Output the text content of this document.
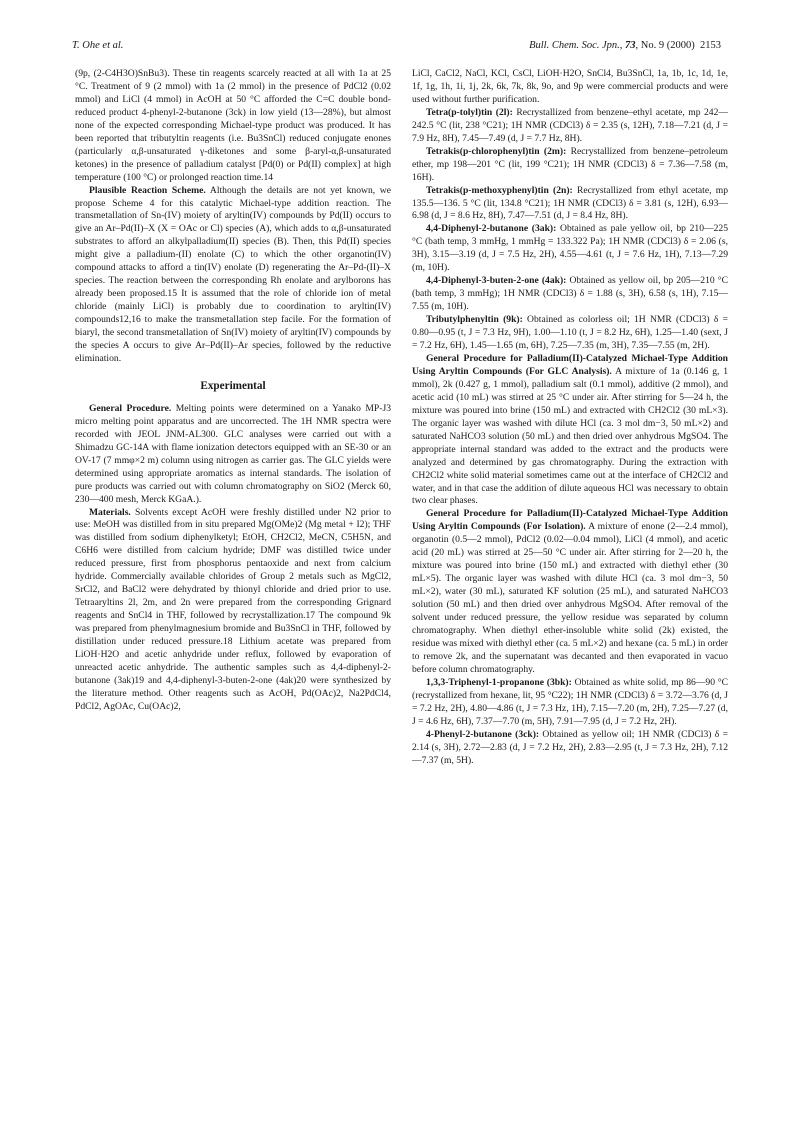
T. Ohe et al.	Bull. Chem. Soc. Jpn., 73, No. 9 (2000) 2153

(9p, (2-C4H3O)SnBu3). These tin reagents scarcely reacted at all with 1a at 25 °C. Treatment of 9 (2 mmol) with 1a (2 mmol) in the presence of PdCl2 (0.02 mmol) and LiCl (4 mmol) in AcOH at 50 °C afforded the C=C double bond-reduced product 4-phenyl-2-butanone (3ck) in low yield (13—28%), but almost none of the expected corresponding Michael-type product was produced. It has been reported that tributyltin reagents (i.e. Bu3SnCl) reduced conjugate enones (particularly α,β-unsaturated γ-diketones and some β-aryl-α,β-unsaturated ketones) in the presence of palladium catalyst [Pd(0) or Pd(II) complex] at high temperature (100 °C) or prolonged reaction time.14

Plausible Reaction Scheme. Although the details are not yet known, we propose Scheme 4 for this catalytic Michael-type addition reaction. The transmetallation of Sn-(IV) moiety of aryltin(IV) compounds by Pd(II) occurs to give an Ar–Pd(II)–X (X = OAc or Cl) species (A), which adds to α,β-unsaturated substrates to afford an alkylpalladium(II) species (B). Then, this Pd(II) species might give a palladium-(II) enolate (C) to which the other organotin(IV) compound attacks to afford a tin(IV) enolate (D) regenerating the Ar–Pd-(II)–X species. The reaction between the corresponding Rh enolate and arylborons has already been proposed.15 It is assumed that the role of chloride ion of metal chloride (mainly LiCl) is probably due to coordination to aryltin(IV) compounds12,16 to make the transmetallation step facile. For the formation of biaryl, the second transmetallation of Sn(IV) moiety of aryltin(IV) compounds by the species A occurs to give Ar–Pd(II)–Ar species, followed by the reductive elimination.

Experimental

General Procedure. Melting points were determined on a Yanako MP-J3 micro melting point apparatus and are uncorrected. The 1H NMR spectra were recorded with JEOL JNM-AL300. GLC analyses were carried out with a Shimadzu GC-14A with flame ionization detectors equipped with an SE-30 or an OV-17 (7 mmφ×2 m) column using nitrogen as carrier gas. The GLC yields were determined using appropriate aromatics as internal standards. The isolation of pure products was carried out with column chromatography on SiO2 (Merck 60, 230—400 mesh, Merck KGaA.).

Materials. Solvents except AcOH were freshly distilled under N2 prior to use: MeOH was distilled from in situ prepared Mg(OMe)2 (Mg metal + I2); THF was distilled from sodium diphenylketyl; EtOH, CH2Cl2, MeCN, C5H5N, and C6H6 were distilled from calcium hydride; DMF was distilled twice under reduced pressure, first from phosphorus pentaoxide and next from calcium hydride. Commercially available chlorides of Group 2 metals such as MgCl2, SrCl2, and BaCl2 were dehydrated by thionyl chloride and dried prior to use. Tetraaryltins 2l, 2m, and 2n were prepared from the corresponding Grignard reagents and SnCl4 in THF, followed by recrystallization.17 The compound 9k was prepared from phenylmagnesium bromide and Bu3SnCl in THF, followed by distillation under reduced pressure.18 Lithium acetate was prepared from LiOH·H2O and acetic anhydride under reflux, followed by evaporation of unreacted acetic anhydride. The authentic samples such as 4,4-diphenyl-2-butanone (3ak)19 and 4,4-diphenyl-3-buten-2-one (4ak)20 were synthesized by the literature method. Other reagents such as AcOH, Pd(OAc)2, Na2PdCl4, PdCl2, AgOAc, Cu(OAc)2,

LiCl, CaCl2, NaCl, KCl, CsCl, LiOH·H2O, SnCl4, Bu3SnCl, 1a, 1b, 1c, 1d, 1e, 1f, 1g, 1h, 1i, 1j, 2k, 6k, 7k, 8k, 9o, and 9p were commercial products and were used without further purification.

Tetra(p-tolyl)tin (2l): Recrystallized from benzene–ethyl acetate, mp 242—242.5 °C (lit, 238 °C21); 1H NMR (CDCl3) δ = 2.35 (s, 12H), 7.18—7.21 (d, J = 7.9 Hz, 8H), 7.45—7.49 (d, J = 7.7 Hz, 8H).

Tetrakis(p-chlorophenyl)tin (2m): Recrystallized from benzene–petroleum ether, mp 198—201 °C (lit, 199 °C21); 1H NMR (CDCl3) δ = 7.36—7.58 (m, 16H).

Tetrakis(p-methoxyphenyl)tin (2n): Recrystallized from ethyl acetate, mp 135.5—136. 5 °C (lit, 134.8 °C21); 1H NMR (CDCl3) δ = 3.81 (s, 12H), 6.93—6.98 (d, J = 8.6 Hz, 8H), 7.47—7.51 (d, J = 8.4 Hz, 8H).

4,4-Diphenyl-2-butanone (3ak): Obtained as pale yellow oil, bp 210—225 °C (bath temp, 3 mmHg, 1 mmHg = 133.322 Pa); 1H NMR (CDCl3) δ = 2.06 (s, 3H), 3.15—3.19 (d, J = 7.5 Hz, 2H), 4.55—4.61 (t, J = 7.6 Hz, 1H), 7.13—7.29 (m, 10H).

4,4-Diphenyl-3-buten-2-one (4ak): Obtained as yellow oil, bp 205—210 °C (bath temp, 3 mmHg); 1H NMR (CDCl3) δ = 1.88 (s, 3H), 6.58 (s, 1H), 7.15—7.55 (m, 10H).

Tributylphenyltin (9k): Obtained as colorless oil; 1H NMR (CDCl3) δ = 0.80—0.95 (t, J = 7.3 Hz, 9H), 1.00—1.10 (t, J = 8.2 Hz, 6H), 1.25—1.40 (sext, J = 7.2 Hz, 6H), 1.45—1.65 (m, 6H), 7.25—7.35 (m, 3H), 7.35—7.55 (m, 2H).

General Procedure for Palladium(II)-Catalyzed Michael-Type Addition Using Aryltin Compounds (For GLC Analysis). A mixture of 1a (0.146 g, 1 mmol), 2k (0.427 g, 1 mmol), palladium salt (0.1 mmol), additive (2 mmol), and acetic acid (10 mL) was stirred at 25 °C under air. After stirring for 5—24 h, the mixture was poured into brine (150 mL) and extracted with CH2Cl2 (30 mL×3). The organic layer was washed with dilute HCl (ca. 3 mol dm−3, 50 mL×2) and saturated NaHCO3 solution (50 mL) and then dried over anhydrous MgSO4. The appropriate internal standard was added to the extract and the products were analyzed and determined by gas chromatography. During the extraction with CH2Cl2 white solid material sometimes came out at the interface of CH2Cl2 and water, and in that case the addition of dilute aqueous HCl was necessary to obtain two clear phases.

General Procedure for Palladium(II)-Catalyzed Michael-Type Addition Using Aryltin Compounds (For Isolation). A mixture of enone (2—2.4 mmol), organotin (0.5—2 mmol), PdCl2 (0.02—0.04 mmol), LiCl (4 mmol), and acetic acid (20 mL) was stirred at 25—50 °C under air. After stirring for 2—20 h, the mixture was poured into brine (150 mL) and extracted with diethyl ether (30 mL×5). The organic layer was washed with dilute HCl (ca. 3 mol dm−3, 50 mL×2), water (30 mL), saturated KF solution (25 mL), and saturated NaHCO3 solution (50 mL) and then dried over anhydrous MgSO4. After removal of the solvent under reduced pressure, the yellow residue was separated by column chromatography. When diethyl ether-insoluble white solid (2k) existed, the residue was mixed with diethyl ether (ca. 5 mL×2) and hexane (ca. 5 mL) in order to remove 2k, and the supernatant was decanted and then evaporated in vacuo before column chromatography.

1,3,3-Triphenyl-1-propanone (3bk): Obtained as white solid, mp 86—90 °C (recrystallized from hexane, lit, 95 °C22); 1H NMR (CDCl3) δ = 3.72—3.76 (d, J = 7.2 Hz, 2H), 4.80—4.86 (t, J = 7.3 Hz, 1H), 7.15—7.20 (m, 2H), 7.25—7.27 (d, J = 4.6 Hz, 6H), 7.37—7.70 (m, 5H), 7.91—7.95 (d, J = 7.2 Hz, 2H).

4-Phenyl-2-butanone (3ck): Obtained as yellow oil; 1H NMR (CDCl3) δ = 2.14 (s, 3H), 2.72—2.83 (d, J = 7.2 Hz, 2H), 2.83—2.95 (t, J = 7.3 Hz, 2H), 7.12—7.37 (m, 5H).
